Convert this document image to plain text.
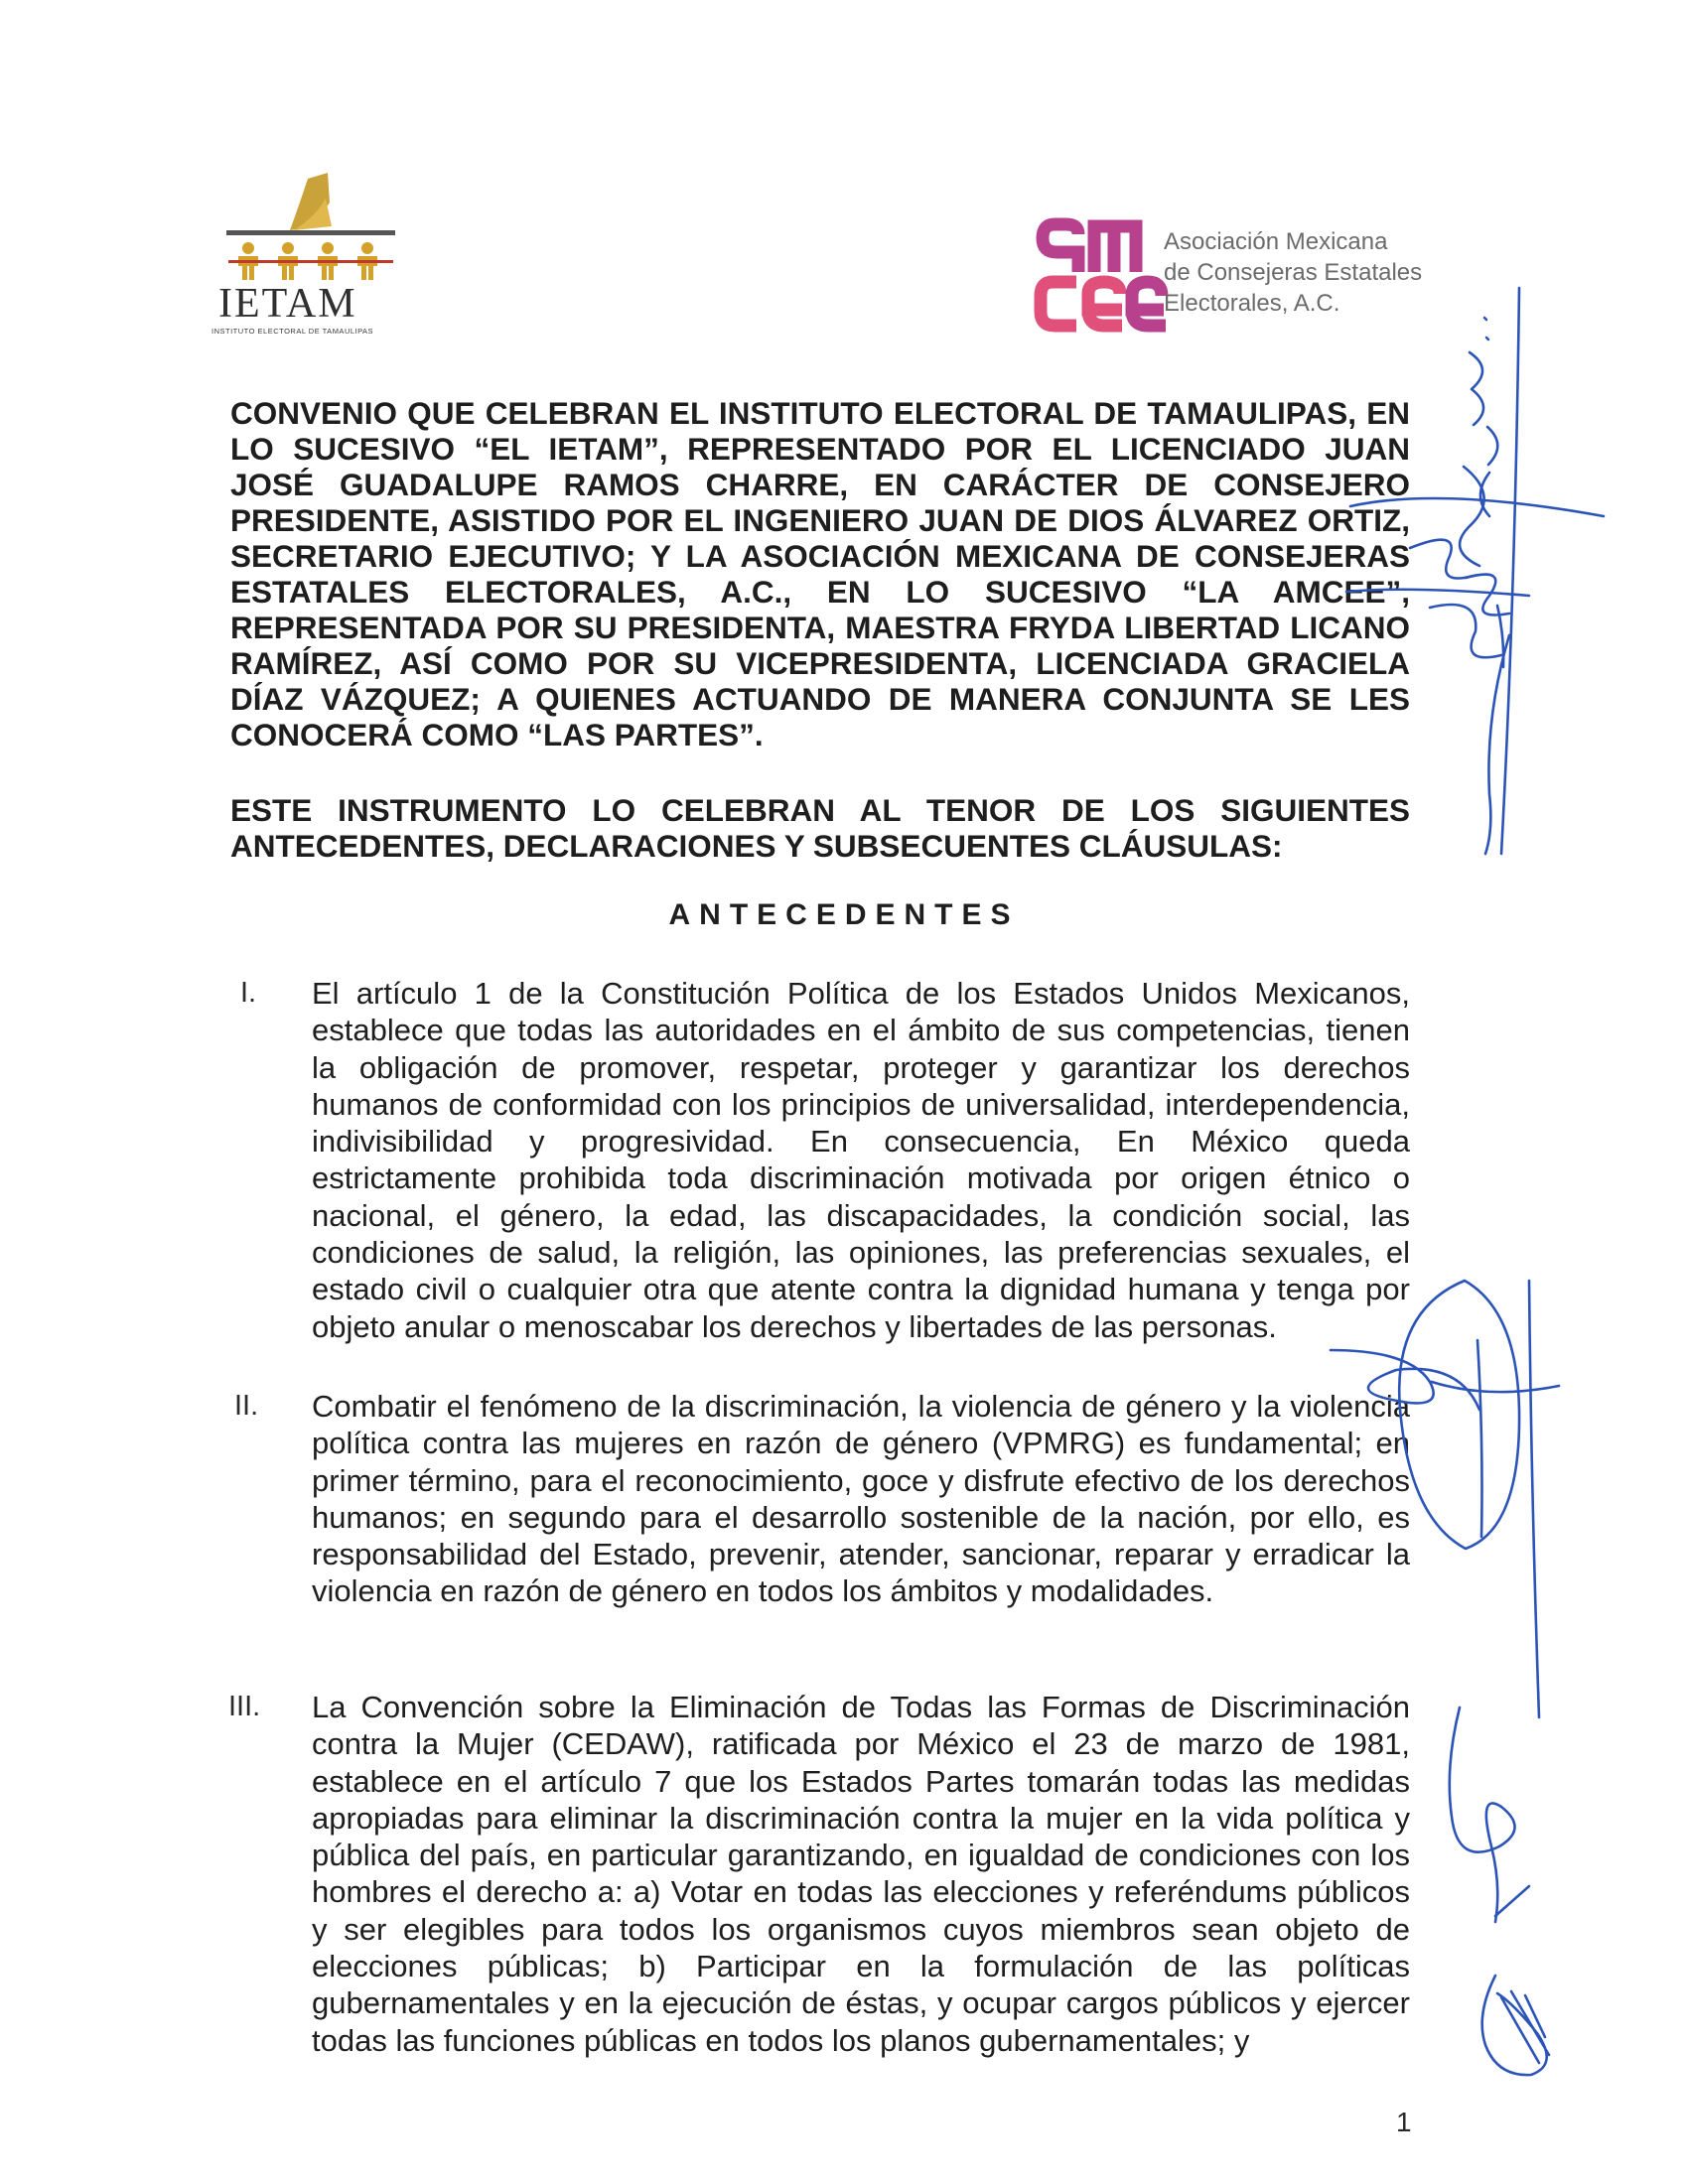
IETAM
INSTITUTO ELECTORAL DE TAMAULIPAS
Asociación Mexicana
de Consejeras Estatales
Electorales, A.C.
CONVENIO QUE CELEBRAN EL INSTITUTO ELECTORAL DE TAMAULIPAS, EN LO SUCESIVO “EL IETAM”, REPRESENTADO POR EL LICENCIADO JUAN JOSÉ GUADALUPE RAMOS CHARRE, EN CARÁCTER DE CONSEJERO PRESIDENTE, ASISTIDO POR EL INGENIERO JUAN DE DIOS ÁLVAREZ ORTIZ, SECRETARIO EJECUTIVO; Y LA ASOCIACIÓN MEXICANA DE CONSEJERAS ESTATALES ELECTORALES, A.C., EN LO SUCESIVO “LA AMCEE”, REPRESENTADA POR SU PRESIDENTA, MAESTRA FRYDA LIBERTAD LICANO RAMÍREZ, ASÍ COMO POR SU VICEPRESIDENTA, LICENCIADA GRACIELA DÍAZ VÁZQUEZ; A QUIENES ACTUANDO DE MANERA CONJUNTA SE LES CONOCERÁ COMO “LAS PARTES”.
ESTE INSTRUMENTO LO CELEBRAN AL TENOR DE LOS SIGUIENTES ANTECEDENTES, DECLARACIONES Y SUBSECUENTES CLÁUSULAS:
ANTECEDENTES
I. El artículo 1 de la Constitución Política de los Estados Unidos Mexicanos, establece que todas las autoridades en el ámbito de sus competencias, tienen la obligación de promover, respetar, proteger y garantizar los derechos humanos de conformidad con los principios de universalidad, interdependencia, indivisibilidad y progresividad. En consecuencia, En México queda estrictamente prohibida toda discriminación motivada por origen étnico o nacional, el género, la edad, las discapacidades, la condición social, las condiciones de salud, la religión, las opiniones, las preferencias sexuales, el estado civil o cualquier otra que atente contra la dignidad humana y tenga por objeto anular o menoscabar los derechos y libertades de las personas.
II. Combatir el fenómeno de la discriminación, la violencia de género y la violencia política contra las mujeres en razón de género (VPMRG) es fundamental; en primer término, para el reconocimiento, goce y disfrute efectivo de los derechos humanos; en segundo para el desarrollo sostenible de la nación, por ello, es responsabilidad del Estado, prevenir, atender, sancionar, reparar y erradicar la violencia en razón de género en todos los ámbitos y modalidades.
III. La Convención sobre la Eliminación de Todas las Formas de Discriminación contra la Mujer (CEDAW), ratificada por México el 23 de marzo de 1981, establece en el artículo 7 que los Estados Partes tomarán todas las medidas apropiadas para eliminar la discriminación contra la mujer en la vida política y pública del país, en particular garantizando, en igualdad de condiciones con los hombres el derecho a: a) Votar en todas las elecciones y referéndums públicos y ser elegibles para todos los organismos cuyos miembros sean objeto de elecciones públicas; b) Participar en la formulación de las políticas gubernamentales y en la ejecución de éstas, y ocupar cargos públicos y ejercer todas las funciones públicas en todos los planos gubernamentales; y
1
